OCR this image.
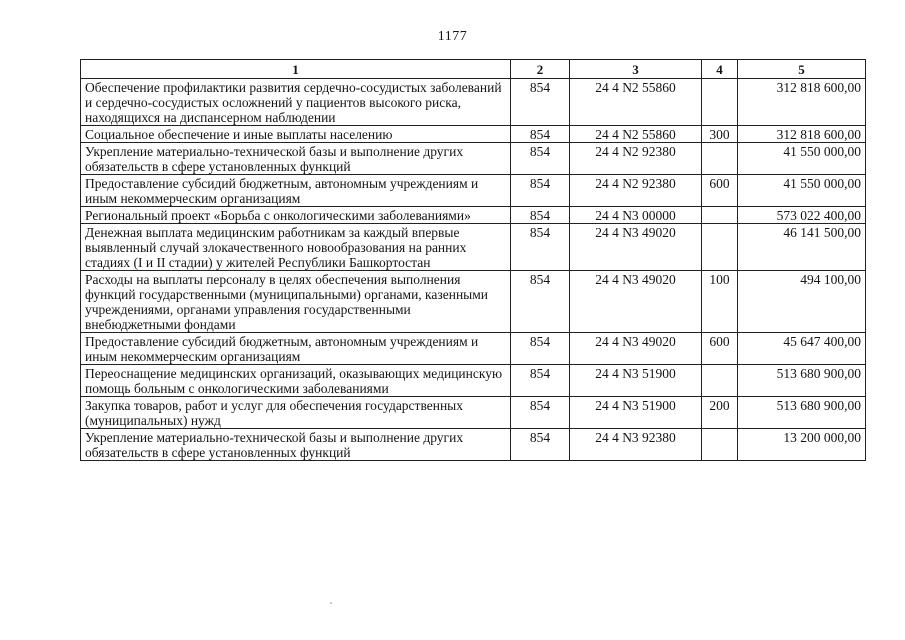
1177
1	2	3	4	5
Обеспечение профилактики развития сердечно-сосудистых заболеваний и сердечно-сосудистых осложнений у пациентов высокого риска, находящихся на диспансерном наблюдении	854	24 4 N2 55860		312 818 600,00
Социальное обеспечение и иные выплаты населению	854	24 4 N2 55860	300	312 818 600,00
Укрепление материально-технической базы и выполнение других обязательств в сфере установленных функций	854	24 4 N2 92380		41 550 000,00
Предоставление субсидий бюджетным, автономным учреждениям и иным некоммерческим организациям	854	24 4 N2 92380	600	41 550 000,00
Региональный проект «Борьба с онкологическими заболеваниями»	854	24 4 N3 00000		573 022 400,00
Денежная выплата медицинским работникам за каждый впервые выявленный случай злокачественного новообразования на ранних стадиях (I и II стадии) у жителей Республики Башкортостан	854	24 4 N3 49020		46 141 500,00
Расходы на выплаты персоналу в целях обеспечения выполнения функций государственными (муниципальными) органами, казенными учреждениями, органами управления государственными внебюджетными фондами	854	24 4 N3 49020	100	494 100,00
Предоставление субсидий бюджетным, автономным учреждениям и иным некоммерческим организациям	854	24 4 N3 49020	600	45 647 400,00
Переоснащение медицинских организаций, оказывающих медицинскую помощь больным с онкологическими заболеваниями	854	24 4 N3 51900		513 680 900,00
Закупка товаров, работ и услуг для обеспечения государственных (муниципальных) нужд	854	24 4 N3 51900	200	513 680 900,00
Укрепление материально-технической базы и выполнение других обязательств в сфере установленных функций	854	24 4 N3 92380		13 200 000,00
